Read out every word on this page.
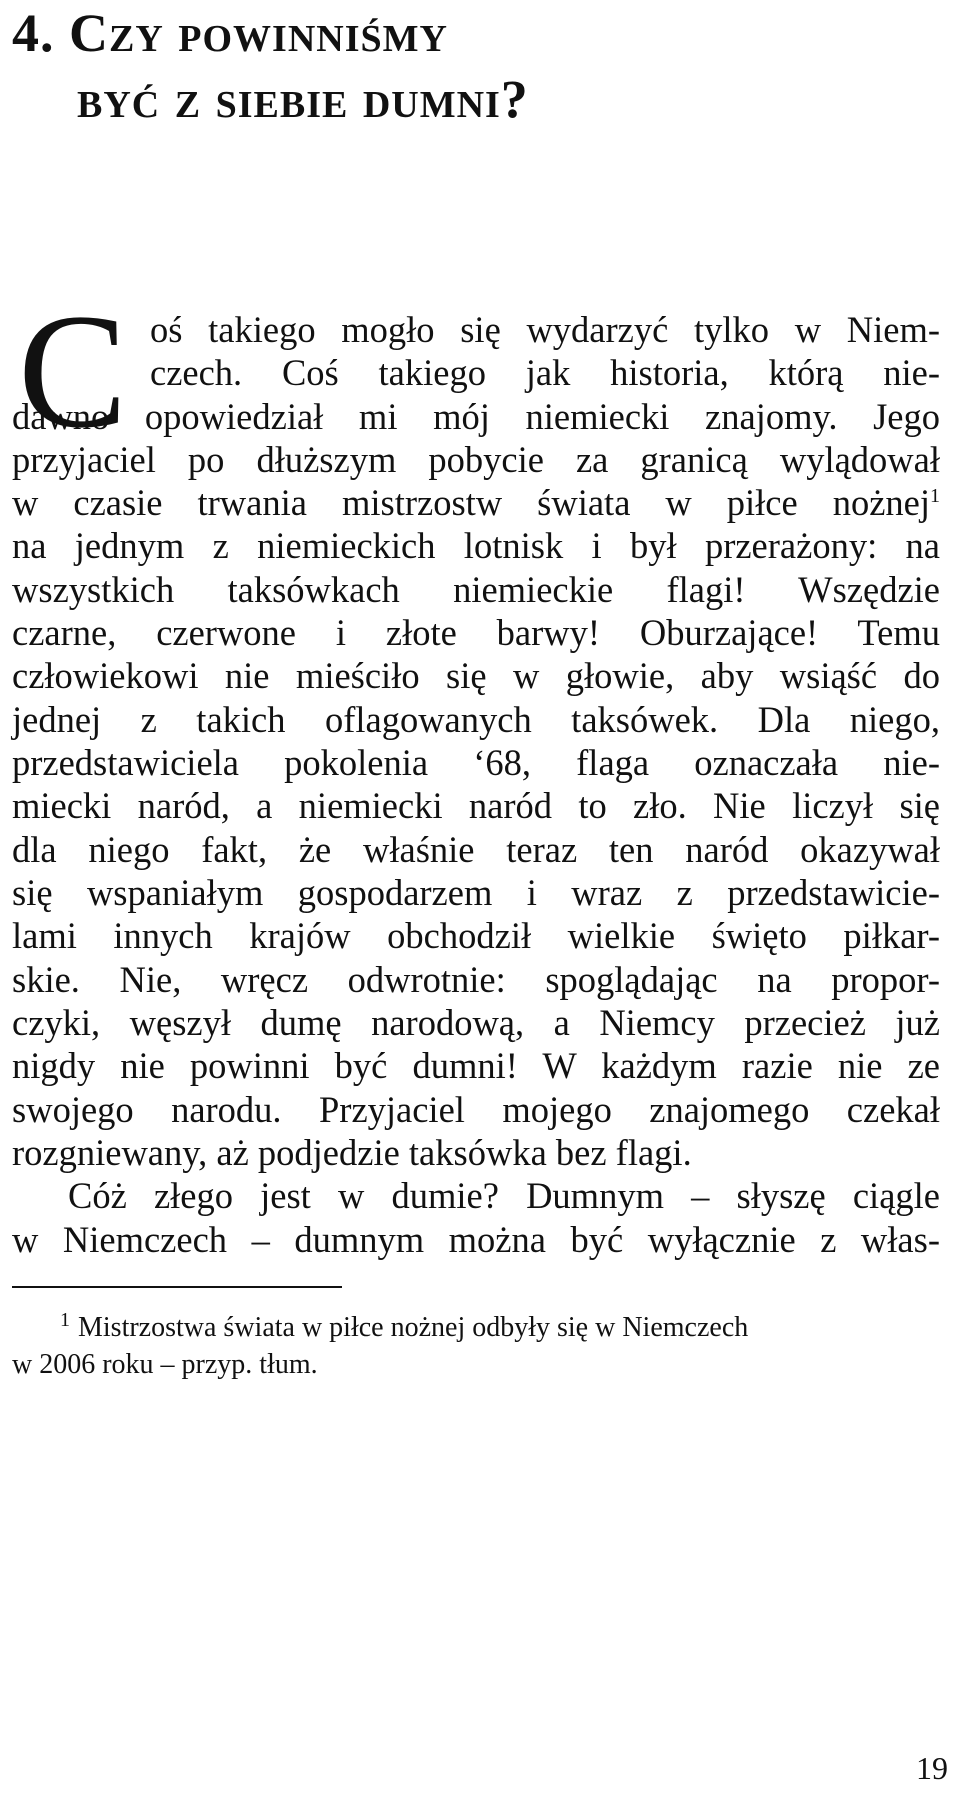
4. Czy powinniśmy
być z siebie dumni?
C oś takiego mogło się wydarzyć tylko w Niem-

czech. Coś takiego jak historia, którą nie-

dawno opowiedział mi mój niemiecki znajomy. Jego

przyjaciel po dłuższym pobycie za granicą wylądował

w czasie trwania mistrzostw świata w piłce nożnej$^1$

na jednym z niemieckich lotnisk i był przerażony: na

wszystkich taksówkach niemieckie flagi! Wszędzie

czarne, czerwone i złote barwy! Oburzające! Temu

człowiekowi nie mieściło się w głowie, aby wsiąść do

jednej z takich oflagowanych taksówek. Dla niego,

przedstawiciela pokolenia ‘68, flaga oznaczała nie-

miecki naród, a niemiecki naród to zło. Nie liczył się

dla niego fakt, że właśnie teraz ten naród okazywał

się wspaniałym gospodarzem i wraz z przedstawicie-

lami innych krajów obchodził wielkie święto piłkar-

skie. Nie, wręcz odwrotnie: spoglądając na propor-

czyki, węszył dumę narodową, a Niemcy przecież już

nigdy nie powinni być dumni! W każdym razie nie ze

swojego narodu. Przyjaciel mojego znajomego czekał

rozgniewany, aż podjedzie taksówka bez flagi.

Cóż złego jest w dumie? Dumnym – słyszę ciągle

w Niemczech – dumnym można być wyłącznie z włas-

$^1$ Mistrzostwa świata w piłce nożnej odbyły się w Niemczech

w 2006 roku – przyp. tłum.

19
